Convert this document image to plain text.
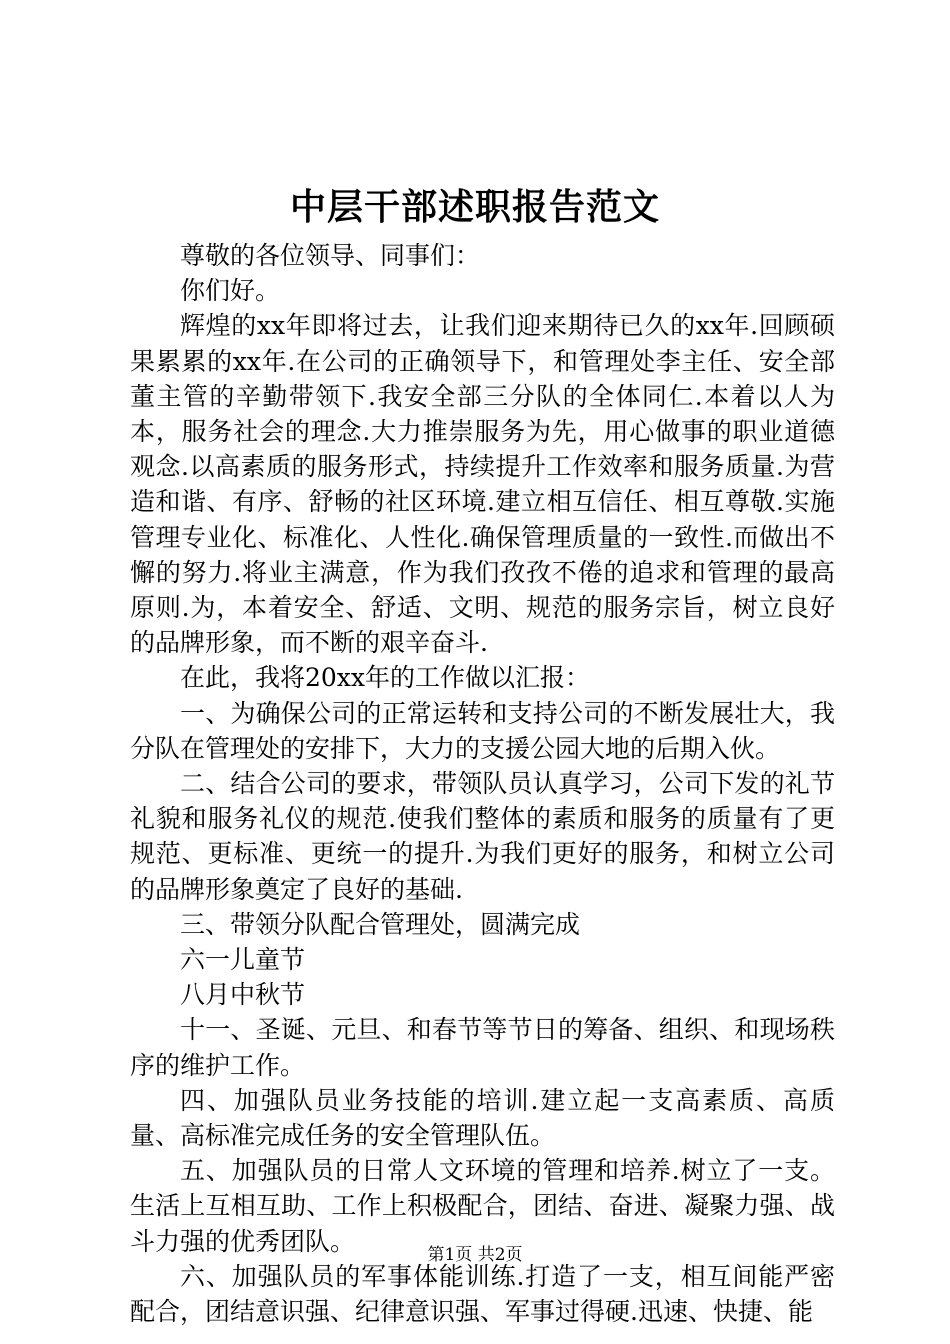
中层干部述职报告范文

尊敬的各位领导、同事们：

你们好。

辉煌的xx年即将过去，让我们迎来期待已久的xx年.回顾硕果累累的xx年.在公司的正确领导下，和管理处李主任、安全部董主管的辛勤带领下.我安全部三分队的全体同仁.本着以人为本，服务社会的理念.大力推崇服务为先，用心做事的职业道德观念.以高素质的服务形式，持续提升工作效率和服务质量.为营造和谐、有序、舒畅的社区环境.建立相互信任、相互尊敬.实施管理专业化、标准化、人性化.确保管理质量的一致性.而做出不懈的努力.将业主满意，作为我们孜孜不倦的追求和管理的最高原则.为，本着安全、舒适、文明、规范的服务宗旨，树立良好的品牌形象，而不断的艰辛奋斗.

在此，我将20xx年的工作做以汇报：

一、为确保公司的正常运转和支持公司的不断发展壮大，我分队在管理处的安排下，大力的支援公园大地的后期入伙。

二、结合公司的要求，带领队员认真学习，公司下发的礼节礼貌和服务礼仪的规范.使我们整体的素质和服务的质量有了更规范、更标准、更统一的提升.为我们更好的服务，和树立公司的品牌形象奠定了良好的基础.

三、带领分队配合管理处，圆满完成

六一儿童节

八月中秋节

十一、圣诞、元旦、和春节等节日的筹备、组织、和现场秩序的维护工作。

四、加强队员业务技能的培训.建立起一支高素质、高质量、高标准完成任务的安全管理队伍。

五、加强队员的日常人文环境的管理和培养.树立了一支。生活上互相互助、工作上积极配合，团结、奋进、凝聚力强、战斗力强的优秀团队。

六、加强队员的军事体能训练.打造了一支，相互间能严密配合，团结意识强、纪律意识强、军事过得硬.迅速、快捷、能

第1页 共2页
